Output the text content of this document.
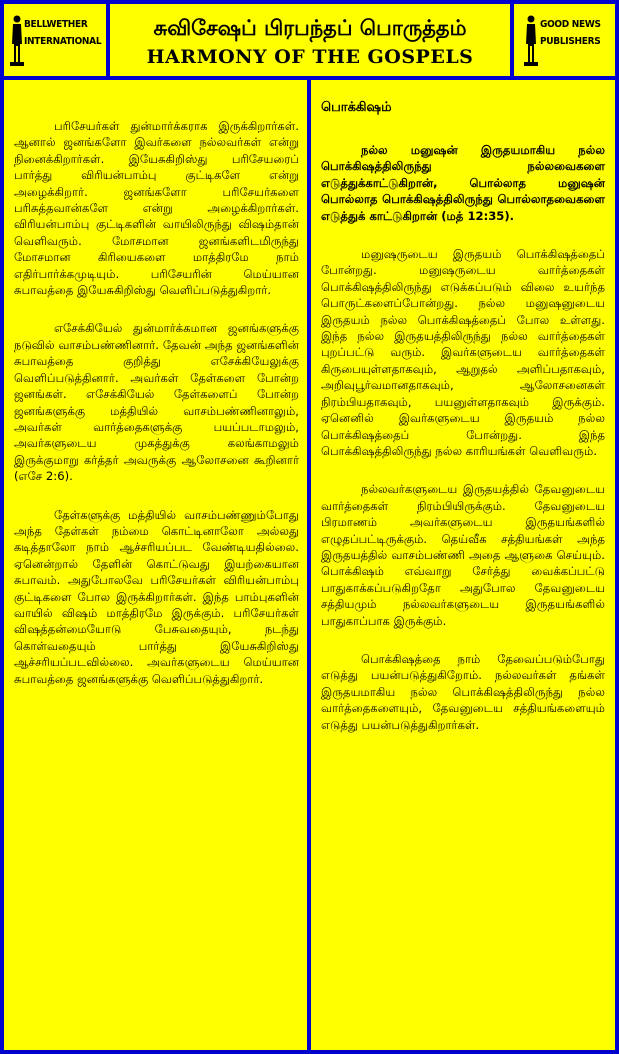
BELLWETHER
INTERNATIONAL
சுவிசேஷப் பிரபந்தப் பொருத்தம்
HARMONY OF THE GOSPELS
GOOD NEWS
PUBLISHERS

பரிசேயர்கள் துன்மார்க்கராக இருக்கிறார்கள். ஆனால் ஜனங்களோ இவர்களை நல்லவர்கள் என்று நினைக்கிறார்கள். இயேசுகிறிஸ்து பரிசேயரைப் பார்த்து விரியன்பாம்பு குட்டிகளே என்று அழைக்கிறார். ஜனங்களோ பரிசேயர்களை பரிசுத்தவான்களே என்று அழைக்கிறார்கள். விரியன்பாம்பு குட்டிகளின் வாயிலிருந்து விஷம்தான் வெளிவரும். மோசமான ஜனங்களிடமிருந்து மோசமான கிரியைகளை மாத்திரமே நாம் எதிர்பார்க்கமுடியும். பரிசேயரின் மெய்யான சுபாவத்தை இயேசுகிறிஸ்து வெளிப்படுத்துகிறார்.

எசேக்கியேல் துன்மார்க்கமான ஜனங்களுக்கு நடுவில் வாசம்பண்ணினார். தேவன் அந்த ஜனங்களின் சுபாவத்தை குறித்து எசேக்கியேலுக்கு வெளிப்படுத்தினார். அவர்கள் தேள்களை போன்ற ஜனங்கள். எசேக்கியேல் தேள்களைப் போன்ற ஜனங்களுக்கு மத்தியில் வாசம்பண்ணினாலும், அவர்கள் வார்த்தைகளுக்கு பயப்படாமலும், அவர்களுடைய முகத்துக்கு கலங்காமலும் இருக்குமாறு கர்த்தர் அவருக்கு ஆலோசனை கூறினார் (எசே 2:6).

தேள்களுக்கு மத்தியில் வாசம்பண்ணும்போது அந்த தேள்கள் நம்மை கொட்டினாலோ அல்லது கடித்தாலோ நாம் ஆச்சரியப்பட வேண்டியதில்லை. ஏனென்றால் தேளின் கொட்டுவது இயற்கையான சுபாவம். அதுபோலவே பரிசேயர்கள் விரியன்பாம்பு குட்டிகளை போல இருக்கிறார்கள். இந்த பாம்புகளின் வாயில் விஷம் மாத்திரமே இருக்கும். பரிசேயர்கள் விஷத்தன்மையோடு பேசுவதையும், நடந்து கொள்வதையும் பார்த்து இயேசுகிறிஸ்து ஆச்சரியப்படவில்லை. அவர்களுடைய மெய்யான சுபாவத்தை ஜனங்களுக்கு வெளிப்படுத்துகிறார்.

பொக்கிஷம்

நல்ல மனுஷன் இருதயமாகிய நல்ல பொக்கிஷத்திலிருந்து நல்லவைகளை எடுத்துக்காட்டுகிறான், பொல்லாத மனுஷன் பொல்லாத பொக்கிஷத்திலிருந்து பொல்லாதவைகளை எடுத்துக் காட்டுகிறான் (மத் 12:35).

மனுஷருடைய இருதயம் பொக்கிஷத்தைப் போன்றது. மனுஷருடைய வார்த்தைகள் பொக்கிஷத்திலிருந்து எடுக்கப்படும் விலை உயர்ந்த பொருட்களைப்போன்றது. நல்ல மனுஷனுடைய இருதயம் நல்ல பொக்கிஷத்தைப் போல உள்ளது. இந்த நல்ல இருதயத்திலிருந்து நல்ல வார்த்தைகள் புறப்பட்டு வரும். இவர்களுடைய வார்த்தைகள் கிருபையுள்ளதாகவும், ஆறுதல் அளிப்பதாகவும், அறிவுபூர்வமானதாகவும், ஆலோசனைகள் நிரம்பியதாகவும், பயனுள்ளதாகவும் இருக்கும். ஏனெனில் இவர்களுடைய இருதயம் நல்ல பொக்கிஷத்தைப் போன்றது. இந்த பொக்கிஷத்திலிருந்து நல்ல காரியங்கள் வெளிவரும்.

நல்லவர்களுடைய இருதயத்தில் தேவனுடைய வார்த்தைகள் நிரம்பியிருக்கும். தேவனுடைய பிரமாணம் அவர்களுடைய இருதயங்களில் எழுதப்பட்டிருக்கும். தெய்வீக சத்தியங்கள் அந்த இருதயத்தில் வாசம்பண்ணி அதை ஆளுகை செய்யும். பொக்கிஷம் எவ்வாறு சேர்த்து வைக்கப்பட்டு பாதுகாக்கப்படுகிறதோ அதுபோல தேவனுடைய சத்தியமும் நல்லவர்களுடைய இருதயங்களில் பாதுகாப்பாக இருக்கும்.

பொக்கிஷத்தை நாம் தேவைப்படும்போது எடுத்து பயன்படுத்துகிறோம். நல்லவர்கள் தங்கள் இருதயமாகிய நல்ல பொக்கிஷத்திலிருந்து நல்ல வார்த்தைகளையும், தேவனுடைய சத்தியங்களையும் எடுத்து பயன்படுத்துகிறார்கள்.
